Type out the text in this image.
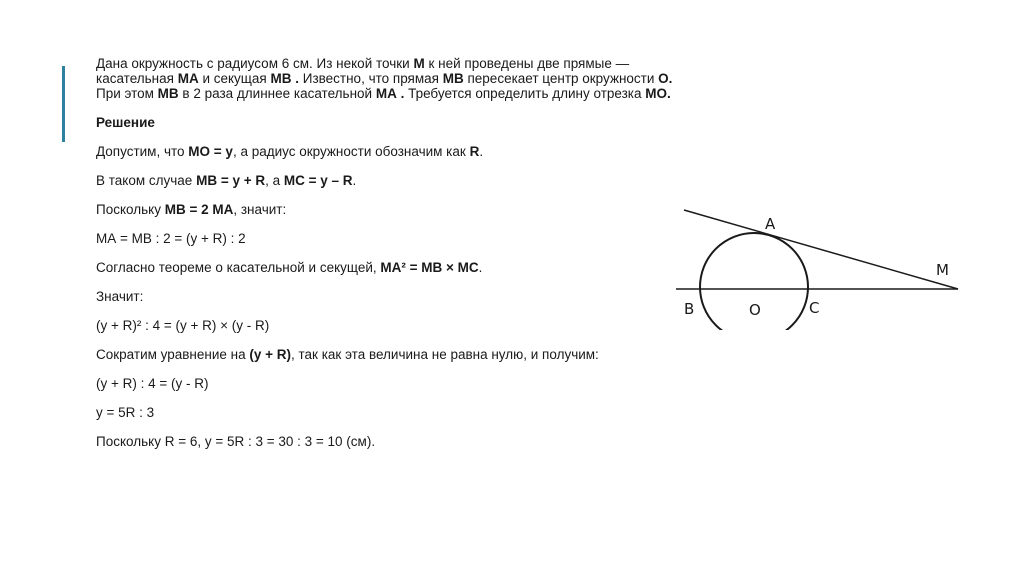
Дана окружность с радиусом 6 см. Из некой точки М к ней проведены две прямые — касательная МА и секущая МВ . Известно, что прямая МВ пересекает центр окружности О. При этом МВ в 2 раза длиннее касательной МА . Требуется определить длину отрезка МО.

Решение

Допустим, что МО = у, а радиус окружности обозначим как R.

В таком случае МВ = у + R, а МС = у – R.

Поскольку МВ = 2 МА, значит:

МА = МВ : 2 = (у + R) : 2

Согласно теореме о касательной и секущей, МА² = МВ × МС.

Значит:

(у + R)² : 4 = (у + R) × (у - R)

Сократим уравнение на (у + R), так как эта величина не равна нулю, и получим:

(у + R) : 4 = (у - R)

у = 5R : 3

Поскольку R = 6, у = 5R : 3 = 30 : 3 = 10 (см).

A
M
B	O	C
